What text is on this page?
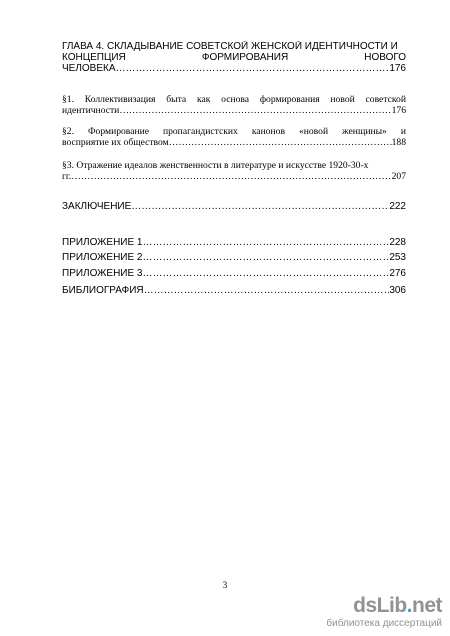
ГЛАВА 4. СКЛАДЫВАНИЕ СОВЕТСКОЙ ЖЕНСКОЙ ИДЕНТИЧНОСТИ И
КОНЦЕПЦИЯ	ФОРМИРОВАНИЯ	НОВОГО
ЧЕЛОВЕКА …………………………………………………………………………………………………………………………………………………………………………………………………	176
§1. Коллективизация быта как основа формирования новой советской
идентичности …………………………………………………………………………………………………………………………………………………………………………………………………	176
§2. Формирование пропагандистских канонов «новой женщины» и
восприятие их обществом …………………………………………………………………………………………………………………………………………………………………………………………………	188
§3. Отражение идеалов женственности в литературе и искусстве 1920-30-х
гг. …………………………………………………………………………………………………………………………………………………………………………………………………	207
ЗАКЛЮЧЕНИЕ …………………………………………………………………………………………………………………………………………………………………………………………………	222
ПРИЛОЖЕНИЕ 1 …………………………………………………………………………………………………………………………………………………………………………………………………	228
ПРИЛОЖЕНИЕ 2 …………………………………………………………………………………………………………………………………………………………………………………………………	253
ПРИЛОЖЕНИЕ 3 …………………………………………………………………………………………………………………………………………………………………………………………………	276
БИБЛИОГРАФИЯ …………………………………………………………………………………………………………………………………………………………………………………………………	306
3
dsLib.net
библиотека диссертаций
